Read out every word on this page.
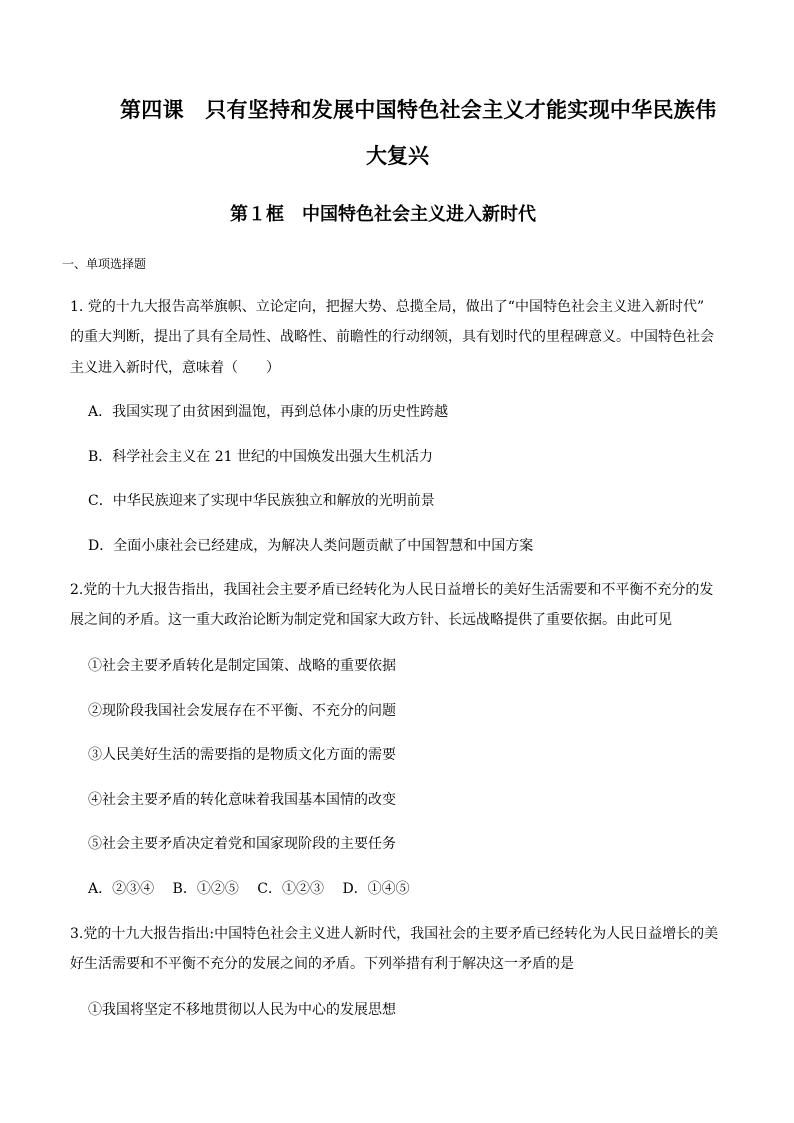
第四课　只有坚持和发展中国特色社会主义才能实现中华民族伟
大复兴
第１框　中国特色社会主义进入新时代
一、单项选择题
1. 党的十九大报告高举旗帜、立论定向，把握大势、总揽全局，做出了“中国特色社会主义进入新时代”
的重大判断，提出了具有全局性、战略性、前瞻性的行动纲领，具有划时代的里程碑意义。中国特色社会
主义进入新时代，意味着（　　）
A．我国实现了由贫困到温饱，再到总体小康的历史性跨越
B．科学社会主义在 21 世纪的中国焕发出强大生机活力
C．中华民族迎来了实现中华民族独立和解放的光明前景
D．全面小康社会已经建成，为解决人类问题贡献了中国智慧和中国方案
2.党的十九大报告指出，我国社会主要矛盾已经转化为人民日益增长的美好生活需要和不平衡不充分的发
展之间的矛盾。这一重大政治论断为制定党和国家大政方针、长远战略提供了重要依据。由此可见
①社会主要矛盾转化是制定国策、战略的重要依据
②现阶段我国社会发展存在不平衡、不充分的问题
③人民美好生活的需要指的是物质文化方面的需要
④社会主要矛盾的转化意味着我国基本国情的改变
⑤社会主要矛盾决定着党和国家现阶段的主要任务
A．②③④　 B．①②⑤　 C．①②③　 D．①④⑤
3.党的十九大报告指出:中国特色社会主义进人新时代，我国社会的主要矛盾已经转化为人民日益增长的美
好生活需要和不平衡不充分的发展之间的矛盾。下列举措有利于解决这一矛盾的是
①我国将坚定不移地贯彻以人民为中心的发展思想
